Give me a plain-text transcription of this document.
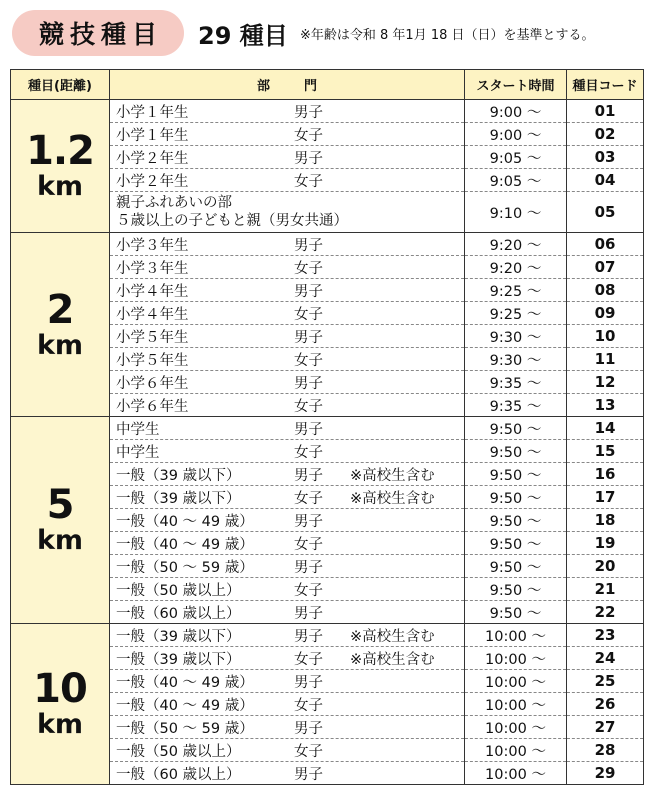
競技種目	29 種目 ※年齢は令和 8 年1月 18 日（日）を基準とする。
種目(距離)	部 門	スタート時間	種目コード

1.2
km	小学１年生 男子	9:00 ～	01
	小学１年生 女子	9:00 ～	02
	小学２年生 男子	9:05 ～	03
	小学２年生 女子	9:05 ～	04

	親子ふれあいの部
５歳以上の子どもと親（男女共通）	9:10 ～	05

2
km	小学３年生 男子	9:20 ～	06
	小学３年生 女子	9:20 ～	07
	小学４年生 男子	9:25 ～	08
	小学４年生 女子	9:25 ～	09
	小学５年生 男子	9:30 ～	10
	小学５年生 女子	9:30 ～	11
	小学６年生 男子	9:35 ～	12
	小学６年生 女子	9:35 ～	13

5
km	中学生 男子	9:50 ～	14
	中学生 女子	9:50 ～	15
	一般（39 歳以下） 男子 ※高校生含む	9:50 ～	16
	一般（39 歳以下） 女子 ※高校生含む	9:50 ～	17
	一般（40 ～ 49 歳） 男子	9:50 ～	18
	一般（40 ～ 49 歳） 女子	9:50 ～	19
	一般（50 ～ 59 歳） 男子	9:50 ～	20
	一般（50 歳以上） 女子	9:50 ～	21
	一般（60 歳以上） 男子	9:50 ～	22

10
km	一般（39 歳以下） 男子 ※高校生含む	10:00 ～	23
	一般（39 歳以下） 女子 ※高校生含む	10:00 ～	24
	一般（40 ～ 49 歳） 男子	10:00 ～	25
	一般（40 ～ 49 歳） 女子	10:00 ～	26
	一般（50 ～ 59 歳） 男子	10:00 ～	27
	一般（50 歳以上） 女子	10:00 ～	28
	一般（60 歳以上） 男子	10:00 ～	29
